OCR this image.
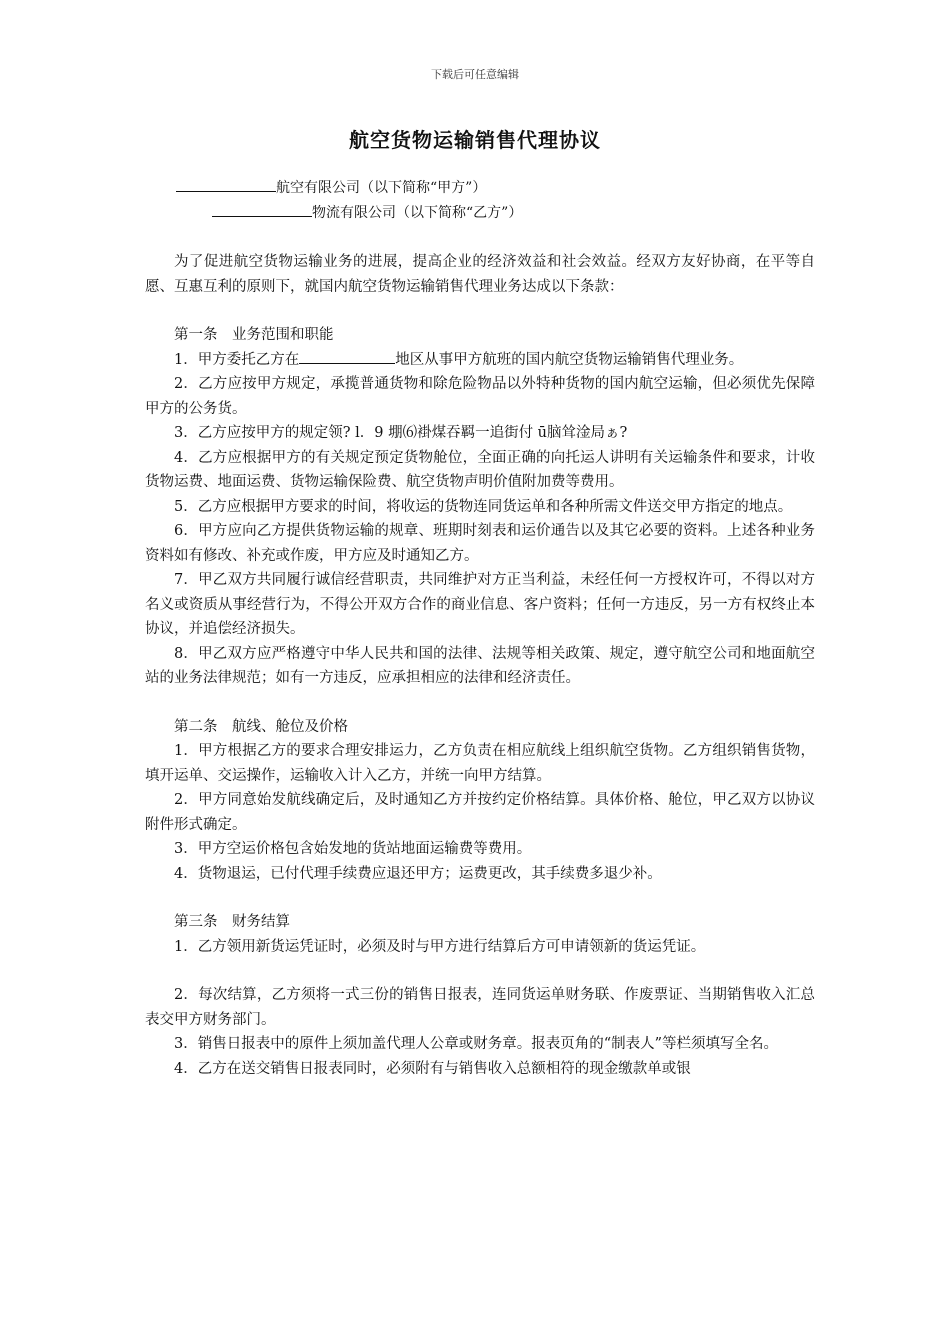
下载后可任意编辑
航空货物运输销售代理协议
航空有限公司（以下简称“甲方”）
物流有限公司（以下简称“乙方”）

为了促进航空货物运输业务的进展，提高企业的经济效益和社会效益。经双方友好协商，在平等自愿、互惠互利的原则下，就国内航空货物运输销售代理业务达成以下条款：

第一条　业务范围和职能

1．甲方委托乙方在	地区从事甲方航班的国内航空货物运输销售代理业务。

2．乙方应按甲方规定，承揽普通货物和除危险物品以外特种货物的国内航空运输，但必须优先保障甲方的公务货。

3．乙方应按甲方的规定领? l．9 堋⑹褂煤吞羁一追街付 ū脑耸淦局ぁ?

4．乙方应根据甲方的有关规定预定货物舱位，全面正确的向托运人讲明有关运输条件和要求，计收货物运费、地面运费、货物运输保险费、航空货物声明价值附加费等费用。

5．乙方应根据甲方要求的时间，将收运的货物连同货运单和各种所需文件送交甲方指定的地点。

6．甲方应向乙方提供货物运输的规章、班期时刻表和运价通告以及其它必要的资料。上述各种业务资料如有修改、补充或作废，甲方应及时通知乙方。

7．甲乙双方共同履行诚信经营职责，共同维护对方正当利益，未经任何一方授权许可，不得以对方名义或资质从事经营行为，不得公开双方合作的商业信息、客户资料；任何一方违反，另一方有权终止本协议，并追偿经济损失。

8．甲乙双方应严格遵守中华人民共和国的法律、法规等相关政策、规定，遵守航空公司和地面航空站的业务法律规范；如有一方违反，应承担相应的法律和经济责任。

第二条　航线、舱位及价格

1．甲方根据乙方的要求合理安排运力，乙方负责在相应航线上组织航空货物。乙方组织销售货物，填开运单、交运操作，运输收入计入乙方，并统一向甲方结算。

2．甲方同意始发航线确定后，及时通知乙方并按约定价格结算。具体价格、舱位，甲乙双方以协议附件形式确定。

3．甲方空运价格包含始发地的货站地面运输费等费用。

4．货物退运，已付代理手续费应退还甲方；运费更改，其手续费多退少补。

第三条　财务结算

1．乙方领用新货运凭证时，必须及时与甲方进行结算后方可申请领新的货运凭证。

2．每次结算，乙方须将一式三份的销售日报表，连同货运单财务联、作废票证、当期销售收入汇总表交甲方财务部门。

3．销售日报表中的原件上须加盖代理人公章或财务章。报表页角的“制表人”等栏须填写全名。

4．乙方在送交销售日报表同时，必须附有与销售收入总额相符的现金缴款单或银
